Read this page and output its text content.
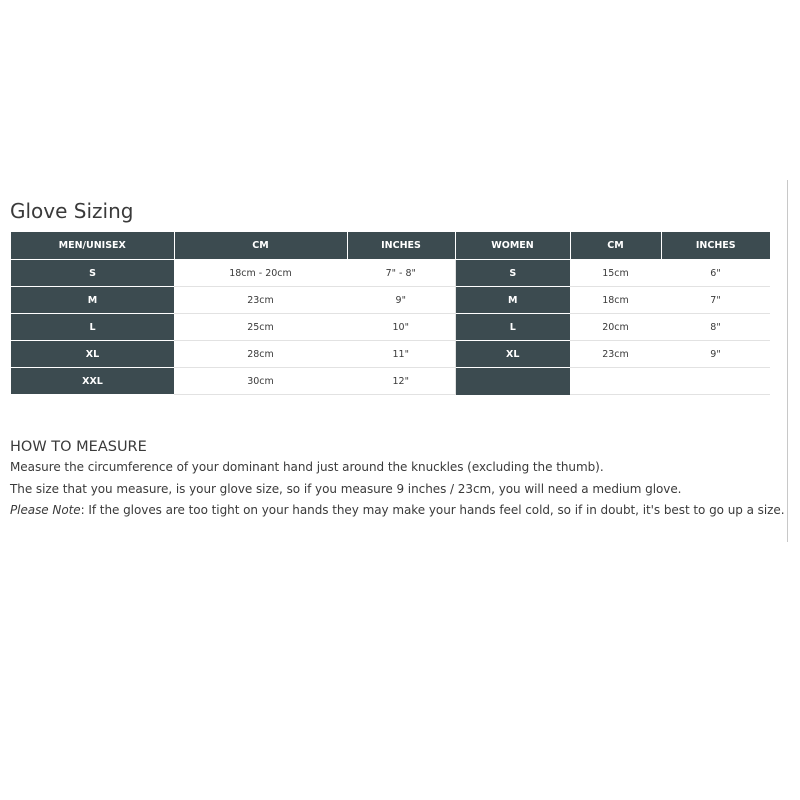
Glove Sizing
MEN/UNISEX	CM	INCHES	WOMEN	CM	INCHES
S	18cm - 20cm	7" - 8"	S	15cm	6"
M	23cm	9"	M	18cm	7"
L	25cm	10"	L	20cm	8"
XL	28cm	11"	XL	23cm	9"
XXL	30cm	12"			
HOW TO MEASURE
Measure the circumference of your dominant hand just around the knuckles (excluding the thumb).
The size that you measure, is your glove size, so if you measure 9 inches / 23cm, you will need a medium glove.
Please Note: If the gloves are too tight on your hands they may make your hands feel cold, so if in doubt, it's best to go up a size.
